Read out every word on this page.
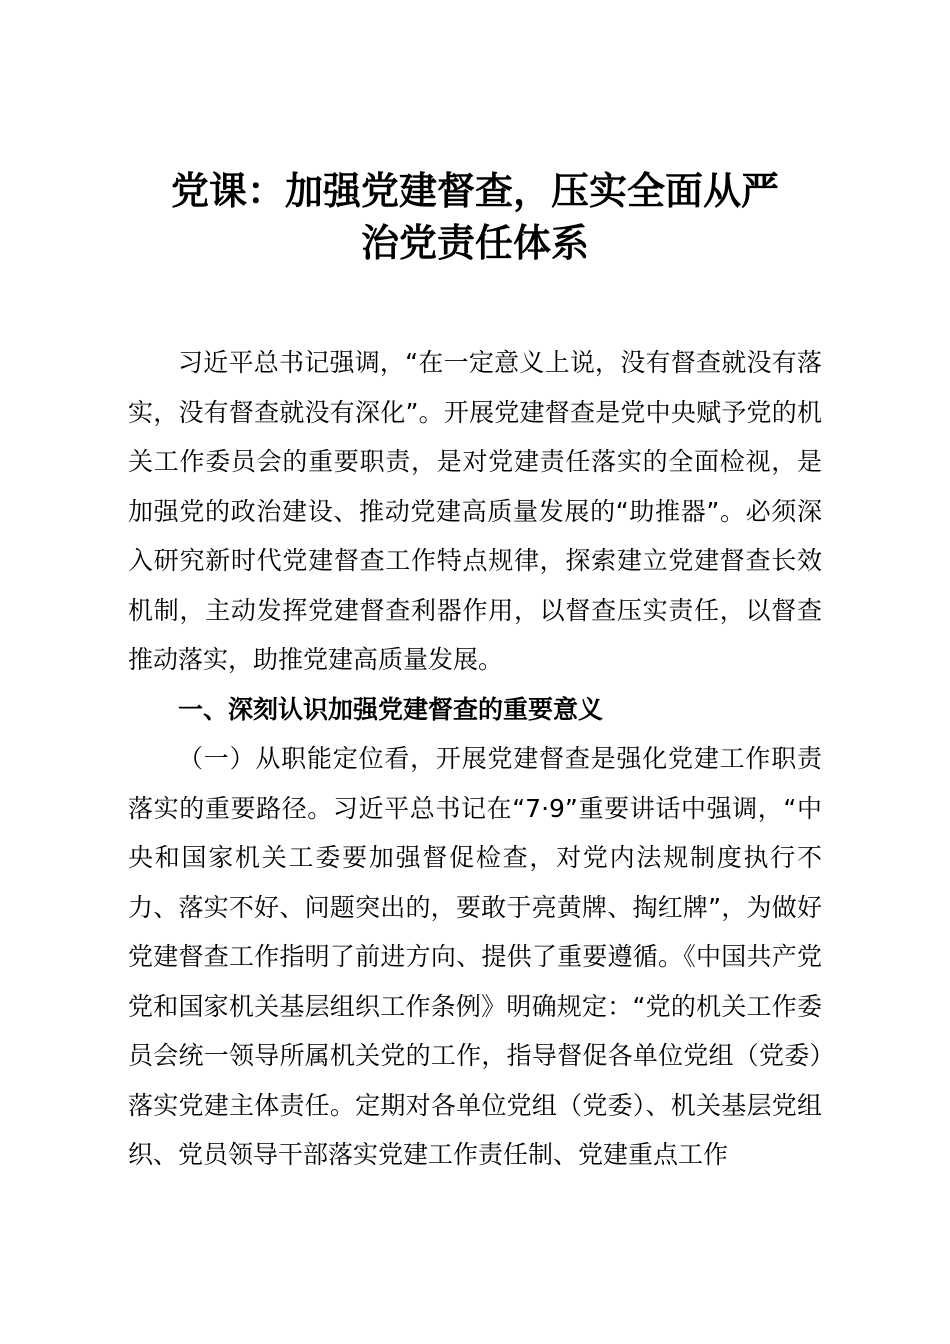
党课：加强党建督查，压实全面从严
治党责任体系

习近平总书记强调，“在一定意义上说，没有督查就没有落实，没有督查就没有深化”。开展党建督查是党中央赋予党的机关工作委员会的重要职责，是对党建责任落实的全面检视，是加强党的政治建设、推动党建高质量发展的“助推器”。必须深入研究新时代党建督查工作特点规律，探索建立党建督查长效机制，主动发挥党建督查利器作用，以督查压实责任，以督查推动落实，助推党建高质量发展。

一、深刻认识加强党建督查的重要意义

（一）从职能定位看，开展党建督查是强化党建工作职责落实的重要路径。习近平总书记在“7·9”重要讲话中强调，“中央和国家机关工委要加强督促检查，对党内法规制度执行不力、落实不好、问题突出的，要敢于亮黄牌、掏红牌”，为做好党建督查工作指明了前进方向、提供了重要遵循。《中国共产党党和国家机关基层组织工作条例》明确规定：“党的机关工作委员会统一领导所属机关党的工作，指导督促各单位党组（党委）落实党建主体责任。定期对各单位党组（党委）、机关基层党组织、党员领导干部落实党建工作责任制、党建重点工作
